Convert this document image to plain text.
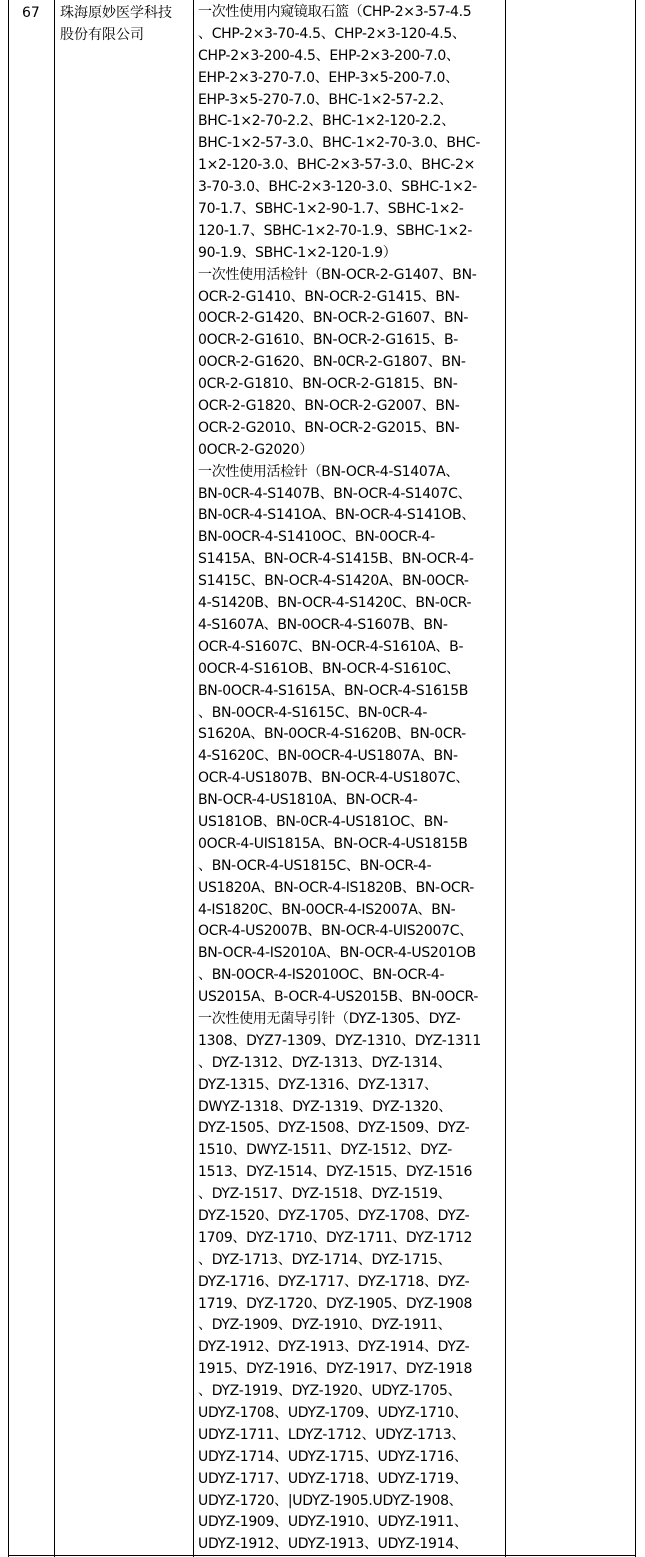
67 珠海原妙医学科技
股份有限公司
一次性使用内窥镜取石篮（CHP-2×3-57-4.5
、CHP-2×3-70-4.5、CHP-2×3-120-4.5、
CHP-2×3-200-4.5、EHP-2×3-200-7.0、
EHP-2×3-270-7.0、EHP-3×5-200-7.0、
EHP-3×5-270-7.0、BHC-1×2-57-2.2、
BHC-1×2-70-2.2、BHC-1×2-120-2.2、
BHC-1×2-57-3.0、BHC-1×2-70-3.0、BHC-
1×2-120-3.0、BHC-2×3-57-3.0、BHC-2×
3-70-3.0、BHC-2×3-120-3.0、SBHC-1×2-
70-1.7、SBHC-1×2-90-1.7、SBHC-1×2-
120-1.7、SBHC-1×2-70-1.9、SBHC-1×2-
90-1.9、SBHC-1×2-120-1.9）
一次性使用活检针（BN-OCR-2-G1407、BN-
OCR-2-G1410、BN-OCR-2-G1415、BN-
0OCR-2-G1420、BN-OCR-2-G1607、BN-
0OCR-2-G1610、BN-OCR-2-G1615、B-
0OCR-2-G1620、BN-0CR-2-G1807、BN-
0CR-2-G1810、BN-OCR-2-G1815、BN-
OCR-2-G1820、BN-OCR-2-G2007、BN-
OCR-2-G2010、BN-OCR-2-G2015、BN-
0OCR-2-G2020）
一次性使用活检针（BN-OCR-4-S1407A、
BN-0CR-4-S1407B、BN-OCR-4-S1407C、
BN-0CR-4-S141OA、BN-OCR-4-S141OB、
BN-0OCR-4-S1410OC、BN-0OCR-4-
S1415A、BN-OCR-4-S1415B、BN-OCR-4-
S1415C、BN-OCR-4-S1420A、BN-0OCR-
4-S1420B、BN-OCR-4-S1420C、BN-0CR-
4-S1607A、BN-0OCR-4-S1607B、BN-
OCR-4-S1607C、BN-OCR-4-S1610A、B-
0OCR-4-S161OB、BN-OCR-4-S1610C、
BN-0OCR-4-S1615A、BN-OCR-4-S1615B
、BN-0OCR-4-S1615C、BN-0CR-4-
S1620A、BN-0OCR-4-S1620B、BN-0CR-
4-S1620C、BN-0OCR-4-US1807A、BN-
OCR-4-US1807B、BN-OCR-4-US1807C、
BN-OCR-4-US1810A、BN-OCR-4-
US181OB、BN-0CR-4-US181OC、BN-
0OCR-4-UIS1815A、BN-OCR-4-US1815B
、BN-OCR-4-US1815C、BN-OCR-4-
US1820A、BN-OCR-4-IS1820B、BN-OCR-
4-IS1820C、BN-0OCR-4-IS2007A、BN-
OCR-4-US2007B、BN-OCR-4-UIS2007C、
BN-OCR-4-IS2010A、BN-OCR-4-US201OB
、BN-0OCR-4-IS2010OC、BN-OCR-4-
US2015A、B-OCR-4-US2015B、BN-0OCR-
一次性使用无菌导引针（DYZ-1305、DYZ-
1308、DYZ7-1309、DYZ-1310、DYZ-1311
、DYZ-1312、DYZ-1313、DYZ-1314、
DYZ-1315、DYZ-1316、DYZ-1317、
DWYZ-1318、DYZ-1319、DYZ-1320、
DYZ-1505、DYZ-1508、DYZ-1509、DYZ-
1510、DWYZ-1511、DYZ-1512、DYZ-
1513、DYZ-1514、DYZ-1515、DYZ-1516
、DYZ-1517、DYZ-1518、DYZ-1519、
DYZ-1520、DYZ-1705、DYZ-1708、DYZ-
1709、DYZ-1710、DYZ-1711、DYZ-1712
、DYZ-1713、DYZ-1714、DYZ-1715、
DYZ-1716、DYZ-1717、DYZ-1718、DYZ-
1719、DYZ-1720、DYZ-1905、DYZ-1908
、DYZ-1909、DYZ-1910、DYZ-1911、
DYZ-1912、DYZ-1913、DYZ-1914、DYZ-
1915、DYZ-1916、DYZ-1917、DYZ-1918
、DYZ-1919、DYZ-1920、UDYZ-1705、
UDYZ-1708、UDYZ-1709、UDYZ-1710、
UDYZ-1711、LDYZ-1712、UDYZ-1713、
UDYZ-1714、UDYZ-1715、UDYZ-1716、
UDYZ-1717、UDYZ-1718、UDYZ-1719、
UDYZ-1720、|UDYZ-1905.UDYZ-1908、
UDYZ-1909、UDYZ-1910、UDYZ-1911、
UDYZ-1912、UDYZ-1913、UDYZ-1914、
